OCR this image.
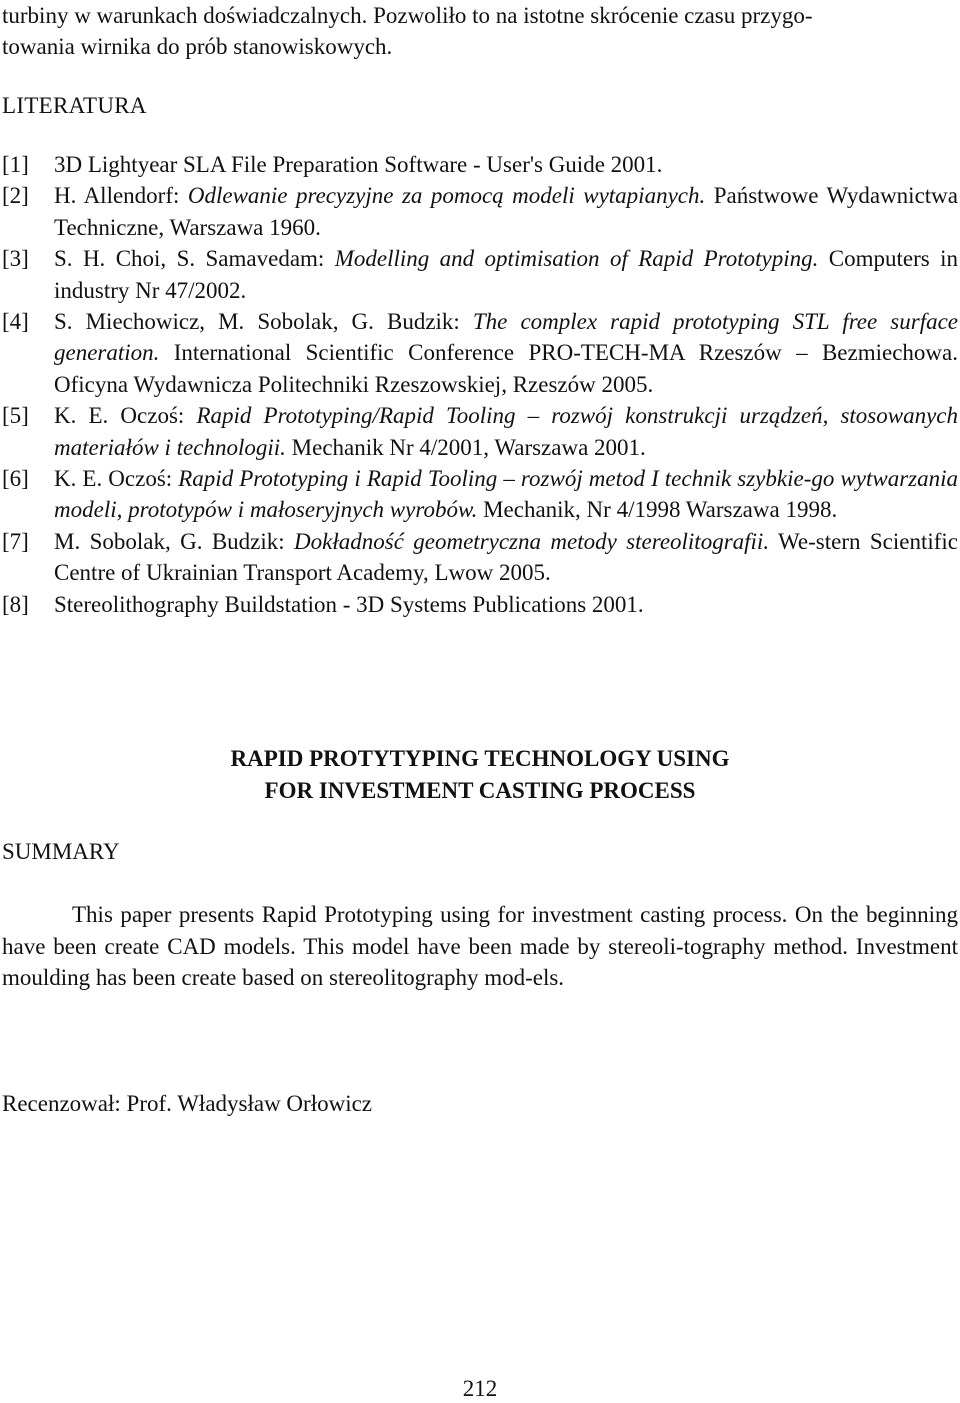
turbiny w warunkach doświadczalnych. Pozwoliło to na istotne skrócenie czasu przygo-
towania wirnika do prób stanowiskowych.
LITERATURA
[1] 3D Lightyear SLA File Preparation Software - User's Guide 2001.
[2] H. Allendorf: Odlewanie precyzyjne za pomocą modeli wytapianych. Państwowe Wydawnictwa Techniczne, Warszawa 1960.
[3] S. H. Choi, S. Samavedam: Modelling and optimisation of Rapid Prototyping. Computers in industry Nr 47/2002.
[4] S. Miechowicz, M. Sobolak, G. Budzik: The complex rapid prototyping STL free surface generation. International Scientific Conference PRO-TECH-MA Rzeszów – Bezmiechowa. Oficyna Wydawnicza Politechniki Rzeszowskiej, Rzeszów 2005.
[5] K. E. Oczoś: Rapid Prototyping/Rapid Tooling – rozwój konstrukcji urządzeń, stosowanych materiałów i technologii. Mechanik Nr 4/2001, Warszawa 2001.
[6] K. E. Oczoś: Rapid Prototyping i Rapid Tooling – rozwój metod I technik szybkie-go wytwarzania modeli, prototypów i małoseryjnych wyrobów. Mechanik, Nr 4/1998 Warszawa 1998.
[7] M. Sobolak, G. Budzik: Dokładność geometryczna metody stereolitografii. We-stern Scientific Centre of Ukrainian Transport Academy, Lwow 2005.
[8] Stereolithography Buildstation - 3D Systems Publications 2001.
RAPID PROTYTYPING TECHNOLOGY USING
FOR INVESTMENT CASTING PROCESS
SUMMARY
This paper presents Rapid Prototyping using for investment casting process. On the beginning have been create CAD models. This model have been made by stereoli-tography method. Investment moulding has been create based on stereolitography mod-els.
Recenzował: Prof. Władysław Orłowicz
212
